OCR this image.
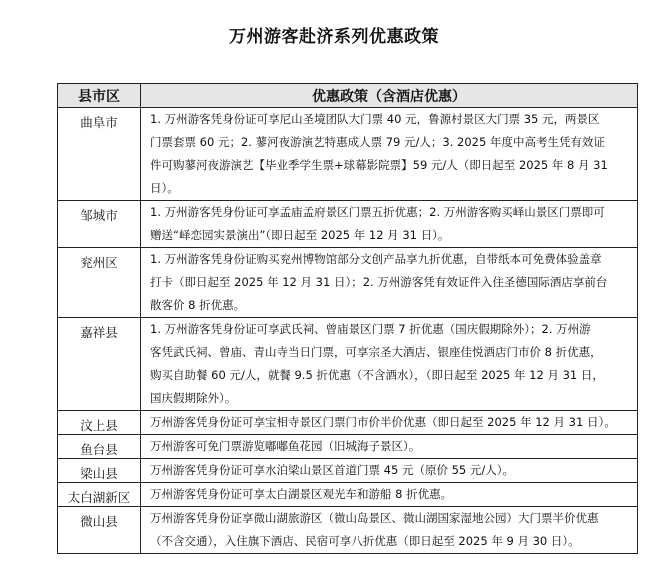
万州游客赴济系列优惠政策
县市区	优惠政策（含酒店优惠）
曲阜市	1. 万州游客凭身份证可享尼山圣境团队大门票 40 元，鲁源村景区大门票 35 元，两景区
门票套票 60 元；2. 蓼河夜游演艺特惠成人票 79 元/人；3. 2025 年度中高考生凭有效证
件可购蓼河夜游演艺【毕业季学生票+球幕影院票】59 元/人（即日起至 2025 年 8 月 31
日）。

邹城市	1. 万州游客凭身份证可享孟庙孟府景区门票五折优惠；2. 万州游客购买峄山景区门票即可
赠送“峄恋园实景演出”（即日起至 2025 年 12 月 31 日）。

兖州区	1. 万州游客凭身份证购买兖州博物馆部分文创产品享九折优惠，自带纸本可免费体验盖章
打卡（即日起至 2025 年 12 月 31 日）；2. 万州游客凭有效证件入住圣德国际酒店享前台
散客价 8 折优惠。

嘉祥县	1. 万州游客凭身份证可享武氏祠、曾庙景区门票 7 折优惠（国庆假期除外）；2. 万州游
客凭武氏祠、曾庙、青山寺当日门票，可享宗圣大酒店、银座佳悦酒店门市价 8 折优惠，
购买自助餐 60 元/人，就餐 9.5 折优惠（不含酒水），（即日起至 2025 年 12 月 31 日，
国庆假期除外）。

汶上县	万州游客凭身份证可享宝相寺景区门票门市价半价优惠（即日起至 2025 年 12 月 31 日）。

鱼台县	万州游客可免门票游览嘟嘟鱼花园（旧城海子景区）。

梁山县	万州游客凭身份证可享水泊梁山景区首道门票 45 元（原价 55 元/人）。

太白湖新区	万州游客凭身份证可享太白湖景区观光车和游船 8 折优惠。

微山县	万州游客凭身份证享微山湖旅游区（微山岛景区、微山湖国家湿地公园）大门票半价优惠
（不含交通），入住旗下酒店、民宿可享八折优惠（即日起至 2025 年 9 月 30 日）。
